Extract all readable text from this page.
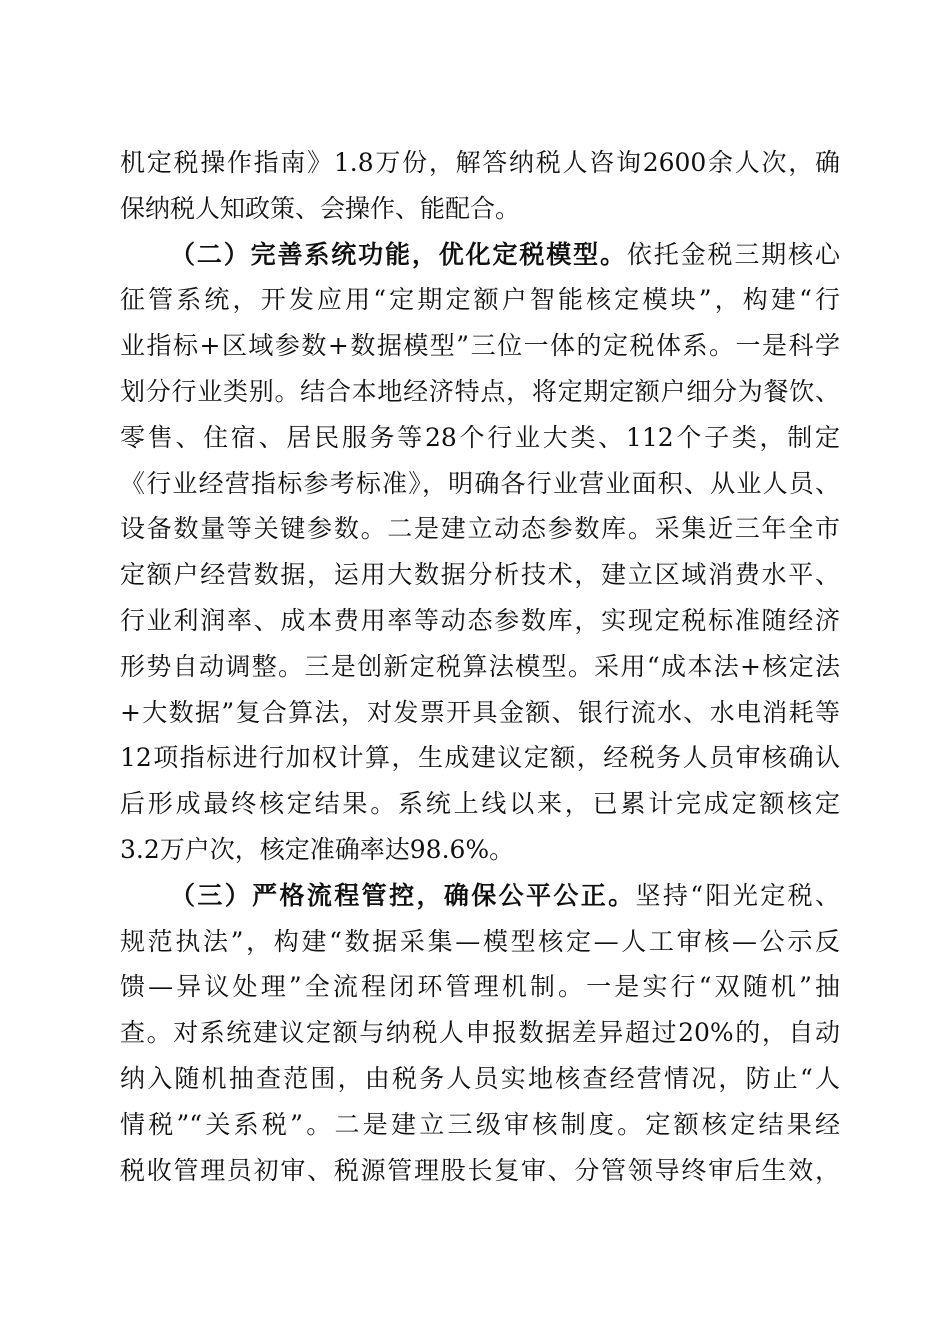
机定税操作指南》1.8万份，解答纳税人咨询2600余人次，确
保纳税人知政策、会操作、能配合。
（二）完善系统功能，优化定税模型。依托金税三期核心
征管系统，开发应用“定期定额户智能核定模块”，构建“行
业指标+区域参数+数据模型”三位一体的定税体系。一是科学
划分行业类别。结合本地经济特点，将定期定额户细分为餐饮、
零售、住宿、居民服务等28个行业大类、112个子类，制定
《行业经营指标参考标准》，明确各行业营业面积、从业人员、
设备数量等关键参数。二是建立动态参数库。采集近三年全市
定额户经营数据，运用大数据分析技术，建立区域消费水平、
行业利润率、成本费用率等动态参数库，实现定税标准随经济
形势自动调整。三是创新定税算法模型。采用“成本法+核定法
+大数据”复合算法，对发票开具金额、银行流水、水电消耗等
12项指标进行加权计算，生成建议定额，经税务人员审核确认
后形成最终核定结果。系统上线以来，已累计完成定额核定
3.2万户次，核定准确率达98.6%。
（三）严格流程管控，确保公平公正。坚持“阳光定税、
规范执法”，构建“数据采集—模型核定—人工审核—公示反
馈—异议处理”全流程闭环管理机制。一是实行“双随机”抽
查。对系统建议定额与纳税人申报数据差异超过20%的，自动
纳入随机抽查范围，由税务人员实地核查经营情况，防止“人
情税”“关系税”。二是建立三级审核制度。定额核定结果经
税收管理员初审、税源管理股长复审、分管领导终审后生效，
